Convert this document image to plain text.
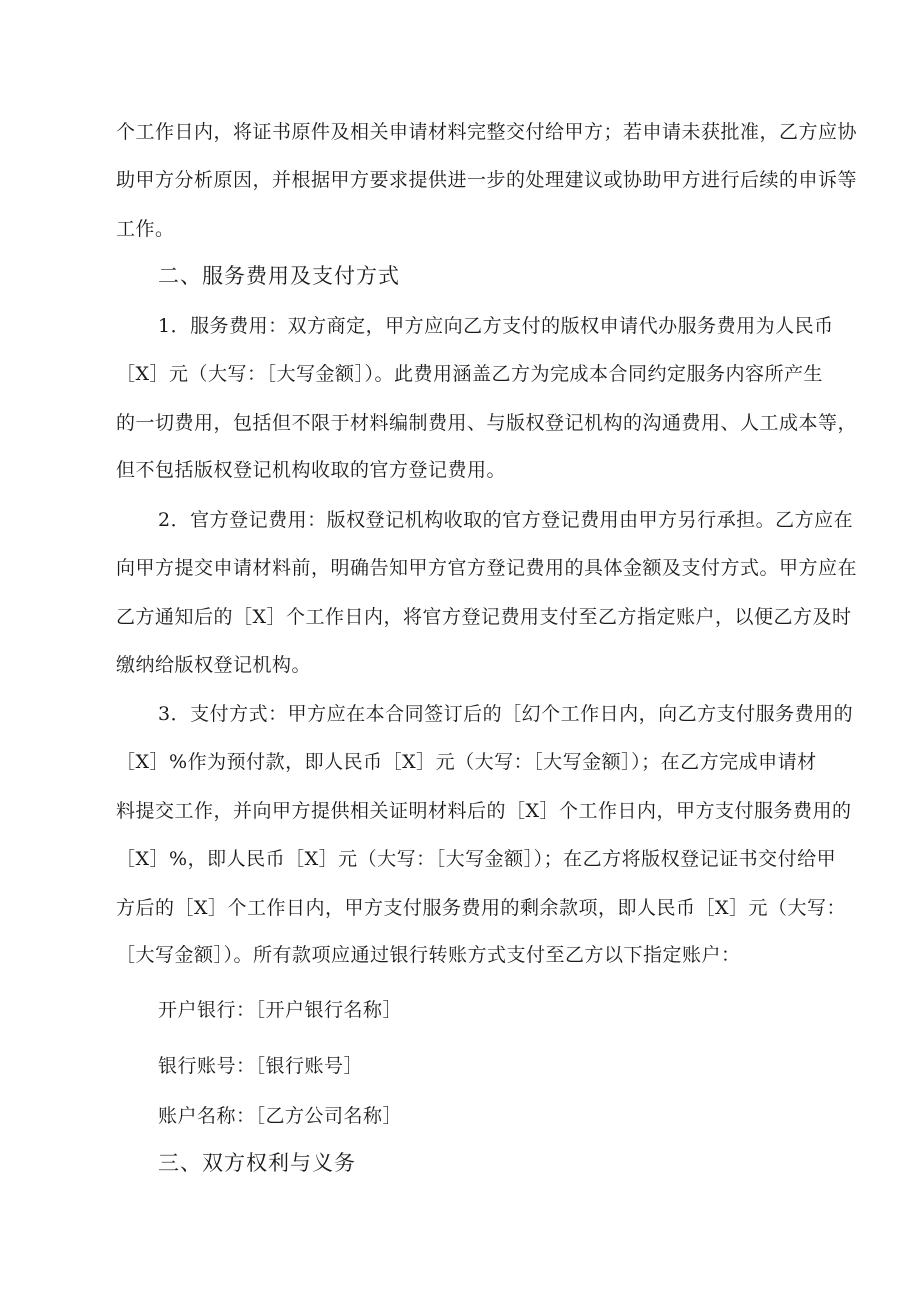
个工作日内，将证书原件及相关申请材料完整交付给甲方；若申请未获批准，乙方应协
助甲方分析原因，并根据甲方要求提供进一步的处理建议或协助甲方进行后续的申诉等
工作。
二、服务费用及支付方式
1．服务费用：双方商定，甲方应向乙方支付的版权申请代办服务费用为人民币
［X］元（大写：［大写金额］）。此费用涵盖乙方为完成本合同约定服务内容所产生
的一切费用，包括但不限于材料编制费用、与版权登记机构的沟通费用、人工成本等，
但不包括版权登记机构收取的官方登记费用。
2．官方登记费用：版权登记机构收取的官方登记费用由甲方另行承担。乙方应在
向甲方提交申请材料前，明确告知甲方官方登记费用的具体金额及支付方式。甲方应在
乙方通知后的［X］个工作日内，将官方登记费用支付至乙方指定账户，以便乙方及时
缴纳给版权登记机构。
3．支付方式：甲方应在本合同签订后的［幻个工作日内，向乙方支付服务费用的
［X］%作为预付款，即人民币［X］元（大写：［大写金额］）；在乙方完成申请材
料提交工作，并向甲方提供相关证明材料后的［X］个工作日内，甲方支付服务费用的
［X］%，即人民币［X］元（大写：［大写金额］）；在乙方将版权登记证书交付给甲
方后的［X］个工作日内，甲方支付服务费用的剩余款项，即人民币［X］元（大写：
［大写金额］）。所有款项应通过银行转账方式支付至乙方以下指定账户：
开户银行：［开户银行名称］
银行账号：［银行账号］
账户名称：［乙方公司名称］
三、双方权利与义务
